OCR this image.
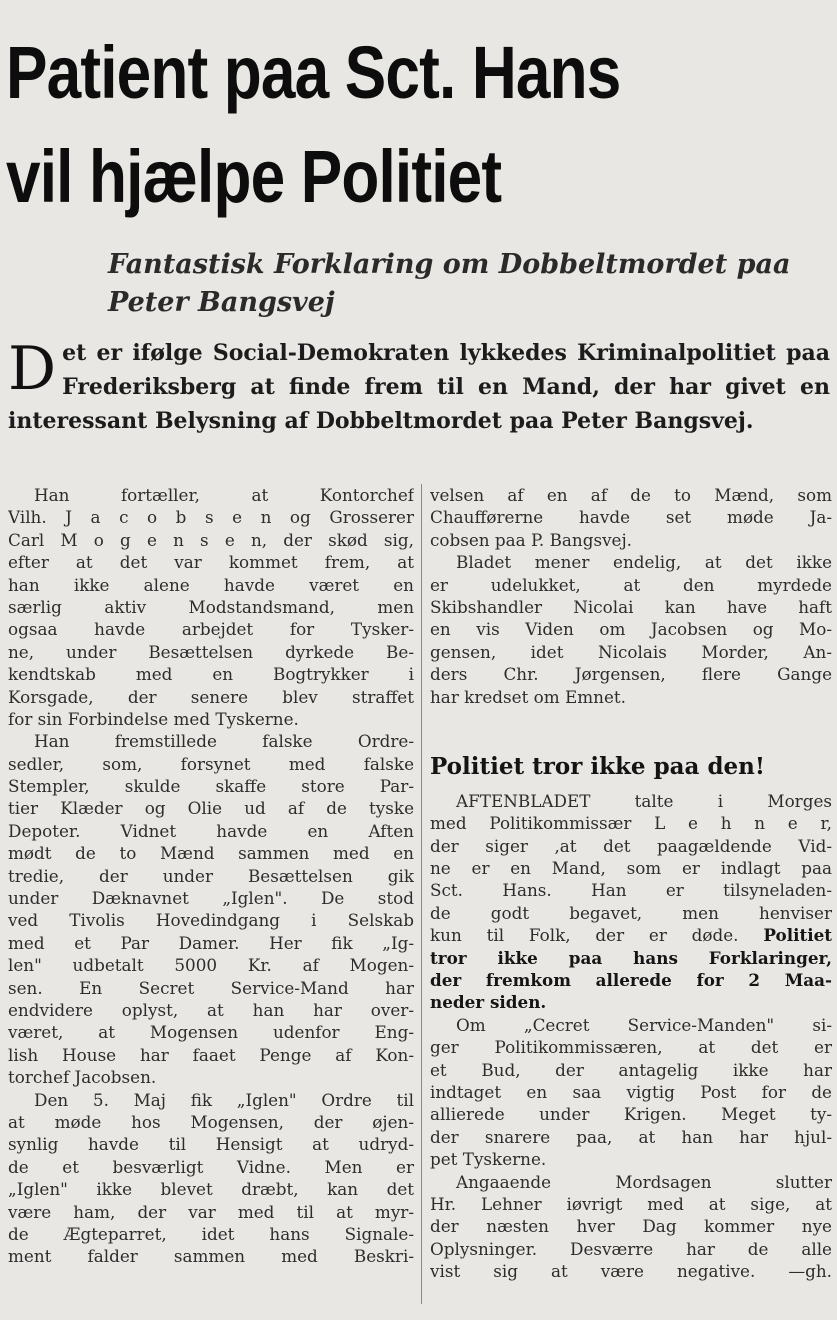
Patient paa Sct. Hans
vil hjælpe Politiet
Fantastisk Forklaring om Dobbeltmordet paa
Peter Bangsvej

Det er ifølge Social-Demokraten lykkedes Kriminalpolitiet paa Frederiksberg at finde frem til en Mand, der har givet en interessant Belysning af Dobbeltmordet paa Peter Bangsvej.

Han fortæller, at Kontorchef
Vilh. J a c o b s e n og Grosserer
Carl M o g e n s e n, der skød sig,
efter at det var kommet frem, at
han ikke alene havde været en
særlig aktiv Modstandsmand, men
ogsaa havde arbejdet for Tysker-
ne, under Besættelsen dyrkede Be-
kendtskab med en Bogtrykker i
Korsgade, der senere blev straffet
for sin Forbindelse med Tyskerne.
Han fremstillede falske Ordre-
sedler, som, forsynet med falske
Stempler, skulde skaffe store Par-
tier Klæder og Olie ud af de tyske
Depoter. Vidnet havde en Aften
mødt de to Mænd sammen med en
tredie, der under Besættelsen gik
under Dæknavnet „Iglen". De stod
ved Tivolis Hovedindgang i Selskab
med et Par Damer. Her fik „Ig-
len" udbetalt 5000 Kr. af Mogen-
sen. En Secret Service-Mand har
endvidere oplyst, at han har over-
været, at Mogensen udenfor Eng-
lish House har faaet Penge af Kon-
torchef Jacobsen.
Den 5. Maj fik „Iglen" Ordre til
at møde hos Mogensen, der øjen-
synlig havde til Hensigt at udryd-
de et besværligt Vidne. Men er
„Iglen" ikke blevet dræbt, kan det
være ham, der var med til at myr-
de Ægteparret, idet hans Signale-
ment falder sammen med Beskri-
velsen af en af de to Mænd, som
Chaufførerne havde set møde Ja-
cobsen paa P. Bangsvej.
Bladet mener endelig, at det ikke
er udelukket, at den myrdede
Skibshandler Nicolai kan have haft
en vis Viden om Jacobsen og Mo-
gensen, idet Nicolais Morder, An-
ders Chr. Jørgensen, flere Gange
har kredset om Emnet.
Politiet tror ikke paa den!
AFTENBLADET talte i Morges
med Politikommissær L e h n e r,
der siger ,at det paagældende Vid-
ne er en Mand, som er indlagt paa
Sct. Hans. Han er tilsyneladen-
de godt begavet, men henviser
kun til Folk, der er døde. Politiet
tror ikke paa hans Forklaringer,
der fremkom allerede for 2 Maa-
neder siden.
Om „Cecret Service-Manden" si-
ger Politikommissæren, at det er
et Bud, der antagelig ikke har
indtaget en saa vigtig Post for de
allierede under Krigen. Meget ty-
der snarere paa, at han har hjul-
pet Tyskerne.
Angaaende Mordsagen slutter
Hr. Lehner iøvrigt med at sige, at
der næsten hver Dag kommer nye
Oplysninger. Desværre har de alle
vist sig at være negative. —gh.
